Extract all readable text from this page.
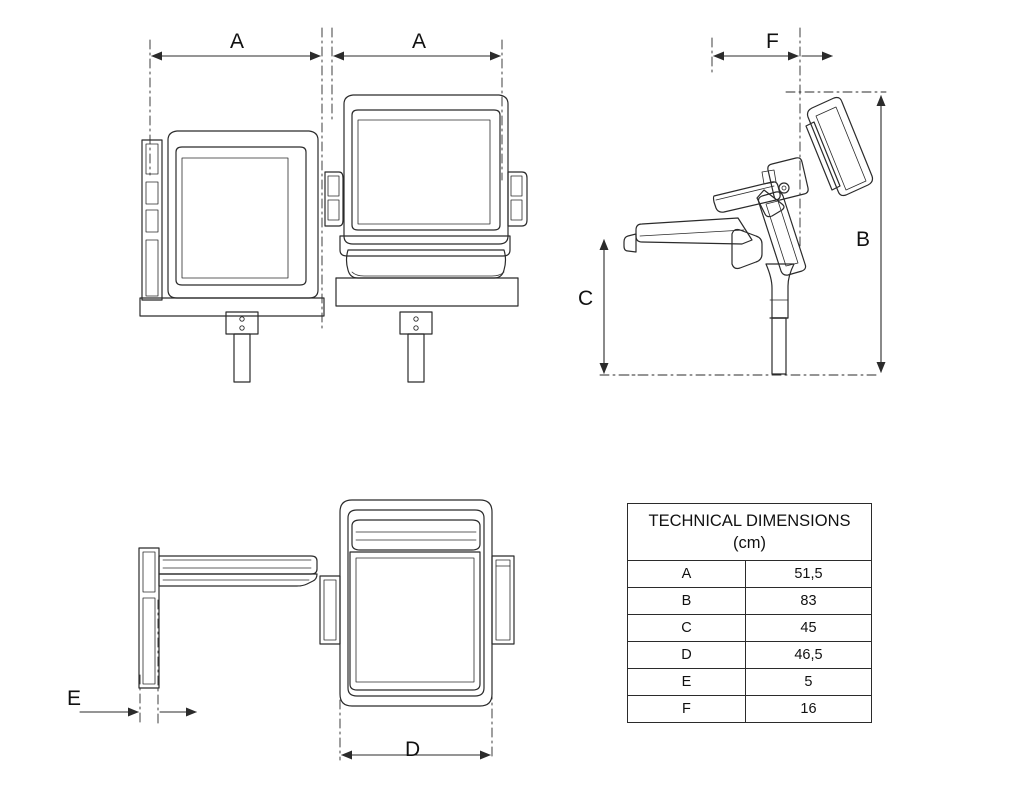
A	A	F
B
C
E
D
TECHNICAL DIMENSIONS
(cm)	

A	51,5
B	83
C	45
D	46,5
E	5
F	16
